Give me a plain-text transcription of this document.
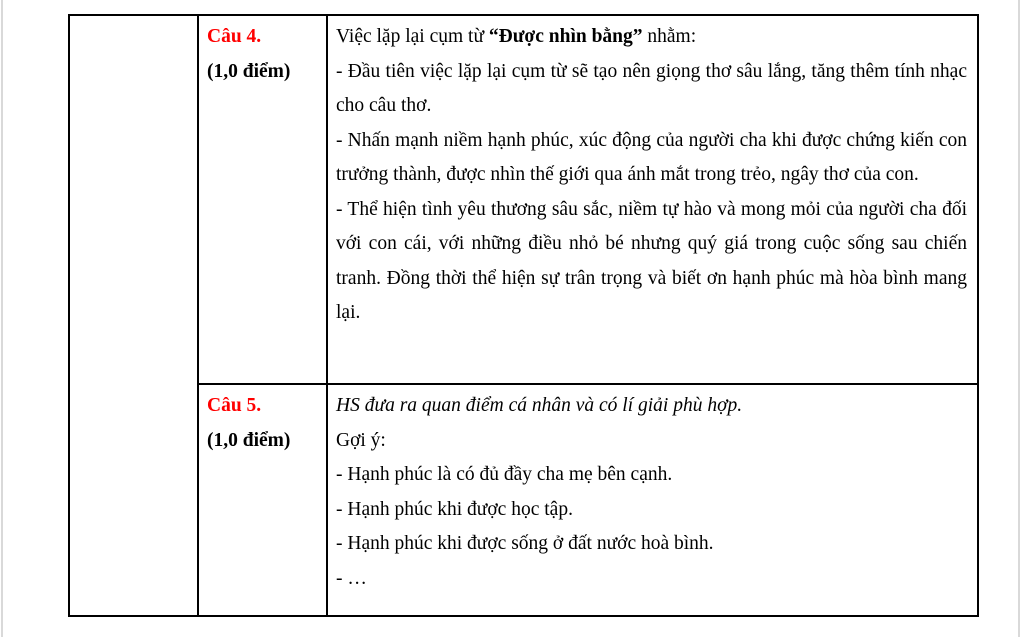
Câu 4.
(1,0 điểm)

Việc lặp lại cụm từ “Được nhìn bằng” nhằm:

- Đầu tiên việc lặp lại cụm từ sẽ tạo nên giọng thơ sâu lắng, tăng thêm tính nhạc cho câu thơ.

- Nhấn mạnh niềm hạnh phúc, xúc động của người cha khi được chứng kiến con trưởng thành, được nhìn thế giới qua ánh mắt trong trẻo, ngây thơ của con.

- Thể hiện tình yêu thương sâu sắc, niềm tự hào và mong mỏi của người cha đối với con cái, với những điều nhỏ bé nhưng quý giá trong cuộc sống sau chiến tranh. Đồng thời thể hiện sự trân trọng và biết ơn hạnh phúc mà hòa bình mang lại.

Câu 5.
(1,0 điểm)

HS đưa ra quan điểm cá nhân và có lí giải phù hợp.

Gợi ý:

- Hạnh phúc là có đủ đầy cha mẹ bên cạnh.

- Hạnh phúc khi được học tập.

- Hạnh phúc khi được sống ở đất nước hoà bình.

- …
